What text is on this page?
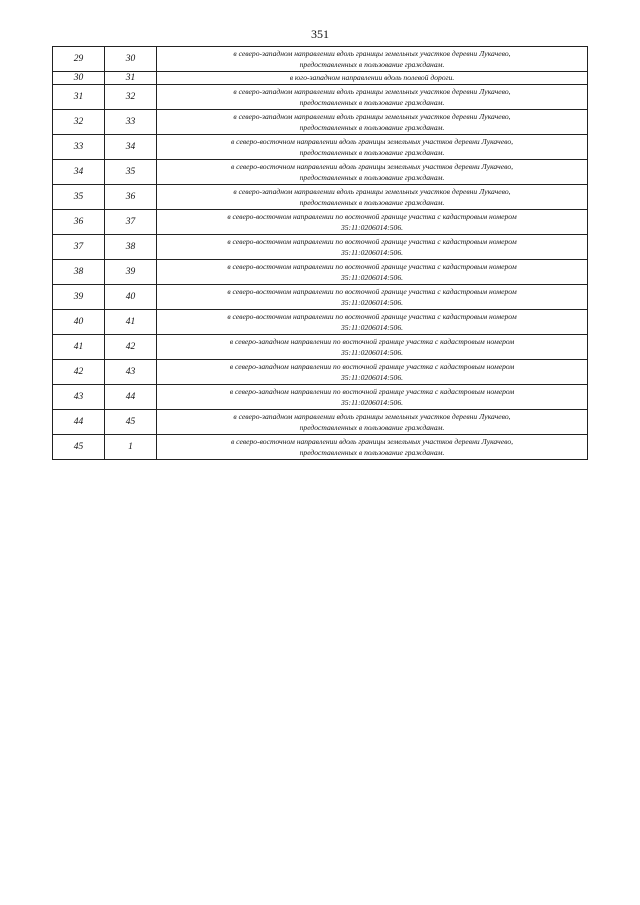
351
29	30	в северо-западном направлении вдоль границы земельных участков деревни Лукачево,
предоставленных в пользование гражданам.

30	31	в юго-западном направлении вдоль полевой дороги.

31	32	в северо-западном направлении вдоль границы земельных участков деревни Лукачево,
предоставленных в пользование гражданам.

32	33	в северо-западном направлении вдоль границы земельных участков деревни Лукачево,
предоставленных в пользование гражданам.

33	34	в северо-восточном направлении вдоль границы земельных участков деревни Лукачево,
предоставленных в пользование гражданам.

34	35	в северо-восточном направлении вдоль границы земельных участков деревни Лукачево,
предоставленных в пользование гражданам.

35	36	в северо-западном направлении вдоль границы земельных участков деревни Лукачево,
предоставленных в пользование гражданам.

36	37	в северо-восточном направлении по восточной границе участка с кадастровым номером
35:11:0206014:506.

37	38	в северо-восточном направлении по восточной границе участка с кадастровым номером
35:11:0206014:506.

38	39	в северо-восточном направлении по восточной границе участка с кадастровым номером
35:11:0206014:506.

39	40	в северо-восточном направлении по восточной границе участка с кадастровым номером
35:11:0206014:506.

40	41	в северо-восточном направлении по восточной границе участка с кадастровым номером
35:11:0206014:506.

41	42	в северо-западном направлении по восточной границе участка с кадастровым номером
35:11:0206014:506.

42	43	в северо-западном направлении по восточной границе участка с кадастровым номером
35:11:0206014:506.

43	44	в северо-западном направлении по восточной границе участка с кадастровым номером
35:11:0206014:506.

44	45	в северо-западном направлении вдоль границы земельных участков деревни Лукачево,
предоставленных в пользование гражданам.

45	1	в северо-восточном направлении вдоль границы земельных участков деревни Лукачево,
предоставленных в пользование гражданам.
